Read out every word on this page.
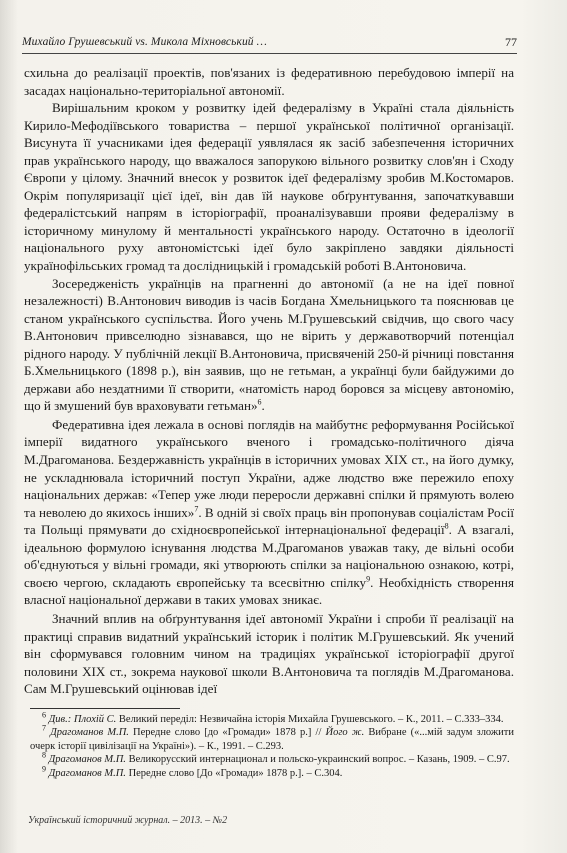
Михайло Грушевський vs. Микола Міхновський …	77

схильна до реалізації проектів, пов'язаних із федеративною перебудовою імперії на засадах національно-територіальної автономії.

Вирішальним кроком у розвитку ідей федералізму в Україні стала діяльність Кирило-Мефодіївського товариства – першої української політичної організації. Висунута її учасниками ідея федерації уявлялася як засіб забезпечення історичних прав українського народу, що вважалося запорукою вільного розвитку слов'ян і Сходу Європи у цілому. Значний внесок у розвиток ідеї федералізму зробив М.Костомаров. Окрім популяризації цієї ідеї, він дав їй наукове обґрунтування, започаткувавши федералістський напрям в історіографії, проаналізувавши прояви федералізму в історичному минулому й ментальності українського народу. Остаточно в ідеології національного руху автономістські ідеї було закріплено завдяки діяльності українофільських громад та дослідницькій і громадській роботі В.Антоновича.

Зосередженість українців на прагненні до автономії (а не на ідеї повної незалежності) В.Антонович виводив із часів Богдана Хмельницького та пояснював це станом українського суспільства. Його учень М.Грушевський свідчив, що свого часу В.Антонович привселюдно зізнавався, що не вірить у державотворчий потенціал рідного народу. У публічній лекції В.Антоновича, присвяченій 250-й річниці повстання Б.Хмельницького (1898 р.), він заявив, що не гетьман, а українці були байдужими до держави або нездатними її створити, «натомість народ боровся за місцеву автономію, що й змушений був враховувати гетьман»$^6$.

Федеративна ідея лежала в основі поглядів на майбутнє реформування Російської імперії видатного українського вченого і громадсько-політичного діяча М.Драгоманова. Бездержавність українців в історичних умовах XIX ст., на його думку, не ускладнювала історичний поступ України, адже людство вже пережило епоху національних держав: «Тепер уже люди переросли державні спілки й прямують волею та неволею до якихось інших»$^7$. В одній зі своїх праць він пропонував соціалістам Росії та Польщі прямувати до східноєвропейської інтернаціональної федерації$^8$. А взагалі, ідеальною формулою існування людства М.Драгоманов уважав таку, де вільні особи об'єднуються у вільні громади, які утворюють спілки за національною ознакою, котрі, своєю чергою, складають європейську та всесвітню спілку$^9$. Необхідність створення власної національної держави в таких умовах зникає.

Значний вплив на обґрунтування ідеї автономії України і спроби її реалізації на практиці справив видатний український історик і політик М.Грушевський. Як учений він сформувався головним чином на традиціях української історіографії другої половини XIX ст., зокрема наукової школи В.Антоновича та поглядів М.Драгоманова. Сам М.Грушевський оцінював ідеї

$^6$ Див.: Плохій С. Великий переділ: Незвичайна історія Михайла Грушевського. – К., 2011. – С.333–334.

$^7$ Драгоманов М.П. Передне слово [до «Громади» 1878 р.] // Його ж. Вибране («...мій задум зложити очерк історії цивілізації на Україні»). – К., 1991. – С.293.

$^8$ Драгоманов М.П. Великорусский интернационал и польско-украинский вопрос. – Казань, 1909. – С.97.

$^9$ Драгоманов М.П. Передне слово [До «Громади» 1878 р.]. – С.304.

Український історичний журнал. – 2013. – №2
